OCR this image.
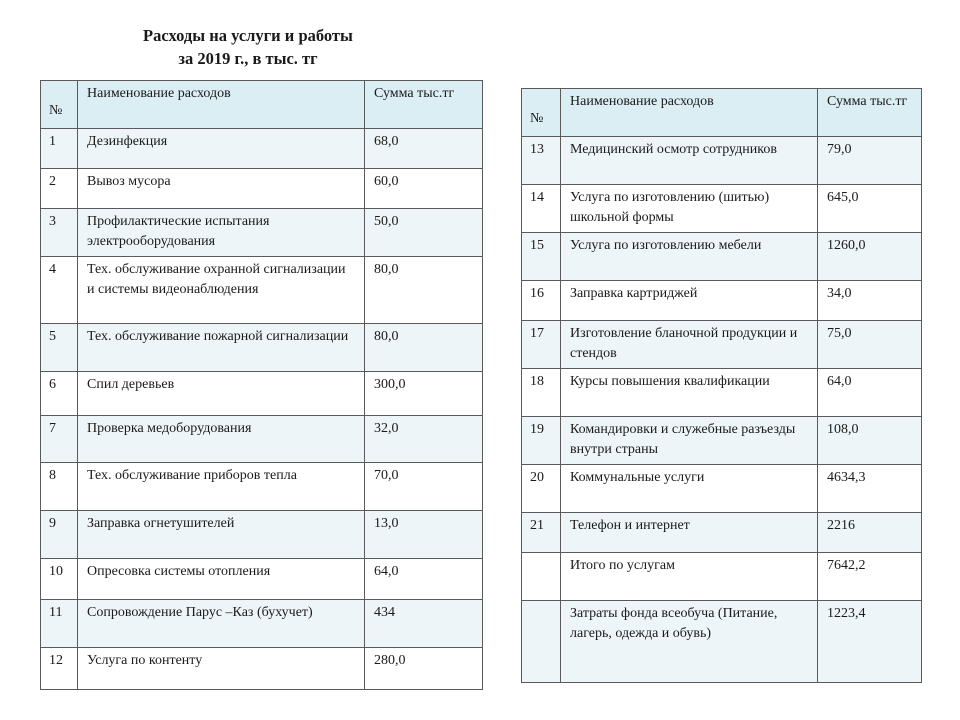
Расходы на услуги и работы
за 2019 г., в тыс. тг
№	Наименование расходов	Сумма тыс.тг
1	Дезинфекция	68,0
2	Вывоз мусора	60,0
3	Профилактические испытания электрооборудования	50,0
4	Тех. обслуживание охранной сигнализации и системы видеонаблюдения	80,0
5	Тех. обслуживание пожарной сигнализации	80,0
6	Спил деревьев	300,0
7	Проверка медоборудования	32,0
8	Тех. обслуживание приборов тепла	70,0
9	Заправка огнетушителей	13,0
10	Опресовка системы отопления	64,0
11	Сопровождение Парус –Каз (бухучет)	434
12	Услуга по контенту	280,0
№	Наименование расходов	Сумма тыс.тг
13	Медицинский осмотр сотрудников	79,0
14	Услуга по изготовлению (шитью) школьной формы	645,0
15	Услуга по изготовлению мебели	1260,0
16	Заправка картриджей	34,0
17	Изготовление бланочной продукции и стендов	75,0
18	Курсы повышения квалификации	64,0
19	Командировки и служебные разъезды внутри страны	108,0
20	Коммунальные услуги	4634,3
21	Телефон и интернет	2216
	Итого по услугам	7642,2
	Затраты фонда всеобуча (Питание, лагерь, одежда и обувь)	1223,4
